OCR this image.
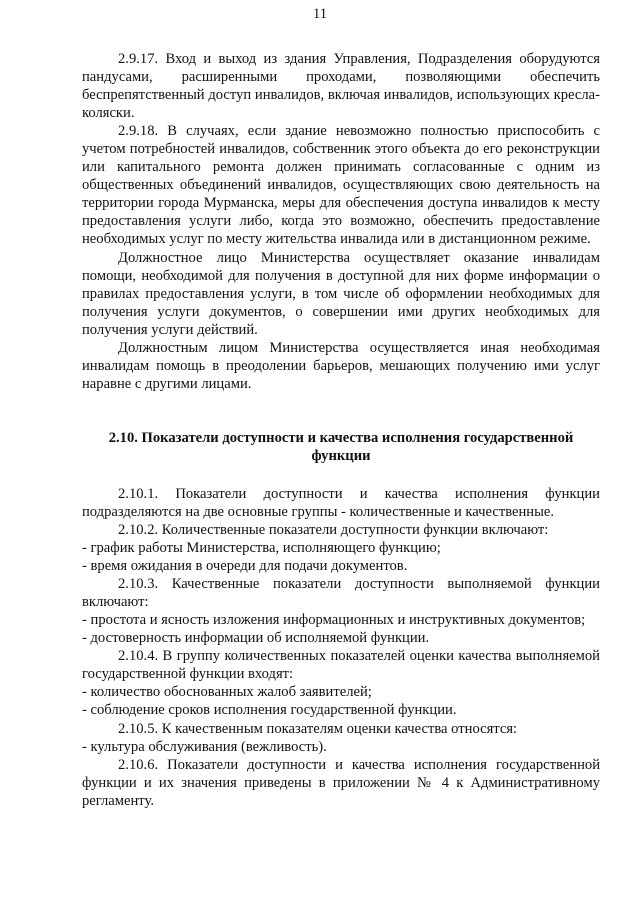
11

2.9.17. Вход и выход из здания Управления, Подразделения оборудуются пандусами, расширенными проходами, позволяющими обеспечить беспрепятственный доступ инвалидов, включая инвалидов, использующих кресла-коляски.

2.9.18. В случаях, если здание невозможно полностью приспособить с учетом потребностей инвалидов, собственник этого объекта до его реконструкции или капитального ремонта должен принимать согласованные с одним из общественных объединений инвалидов, осуществляющих свою деятельность на территории города Мурманска, меры для обеспечения доступа инвалидов к месту предоставления услуги либо, когда это возможно, обеспечить предоставление необходимых услуг по месту жительства инвалида или в дистанционном режиме.

Должностное лицо Министерства осуществляет оказание инвалидам помощи, необходимой для получения в доступной для них форме информации о правилах предоставления услуги, в том числе об оформлении необходимых для получения услуги документов, о совершении ими других необходимых для получения услуги действий.

Должностным лицом Министерства осуществляется иная необходимая инвалидам помощь в преодолении барьеров, мешающих получению ими услуг наравне с другими лицами.

2.10. Показатели доступности и качества исполнения государственной функции

2.10.1. Показатели доступности и качества исполнения функции подразделяются на две основные группы - количественные и качественные.

2.10.2. Количественные показатели доступности функции включают:

- график работы Министерства, исполняющего функцию;

- время ожидания в очереди для подачи документов.

2.10.3. Качественные показатели доступности выполняемой функции включают:

- простота и ясность изложения информационных и инструктивных документов;

- достоверность информации об исполняемой функции.

2.10.4. В группу количественных показателей оценки качества выполняемой государственной функции входят:

- количество обоснованных жалоб заявителей;

- соблюдение сроков исполнения государственной функции.

2.10.5. К качественным показателям оценки качества относятся:

- культура обслуживания (вежливость).

2.10.6. Показатели доступности и качества исполнения государственной функции и их значения приведены в приложении № 4 к Административному регламенту.
